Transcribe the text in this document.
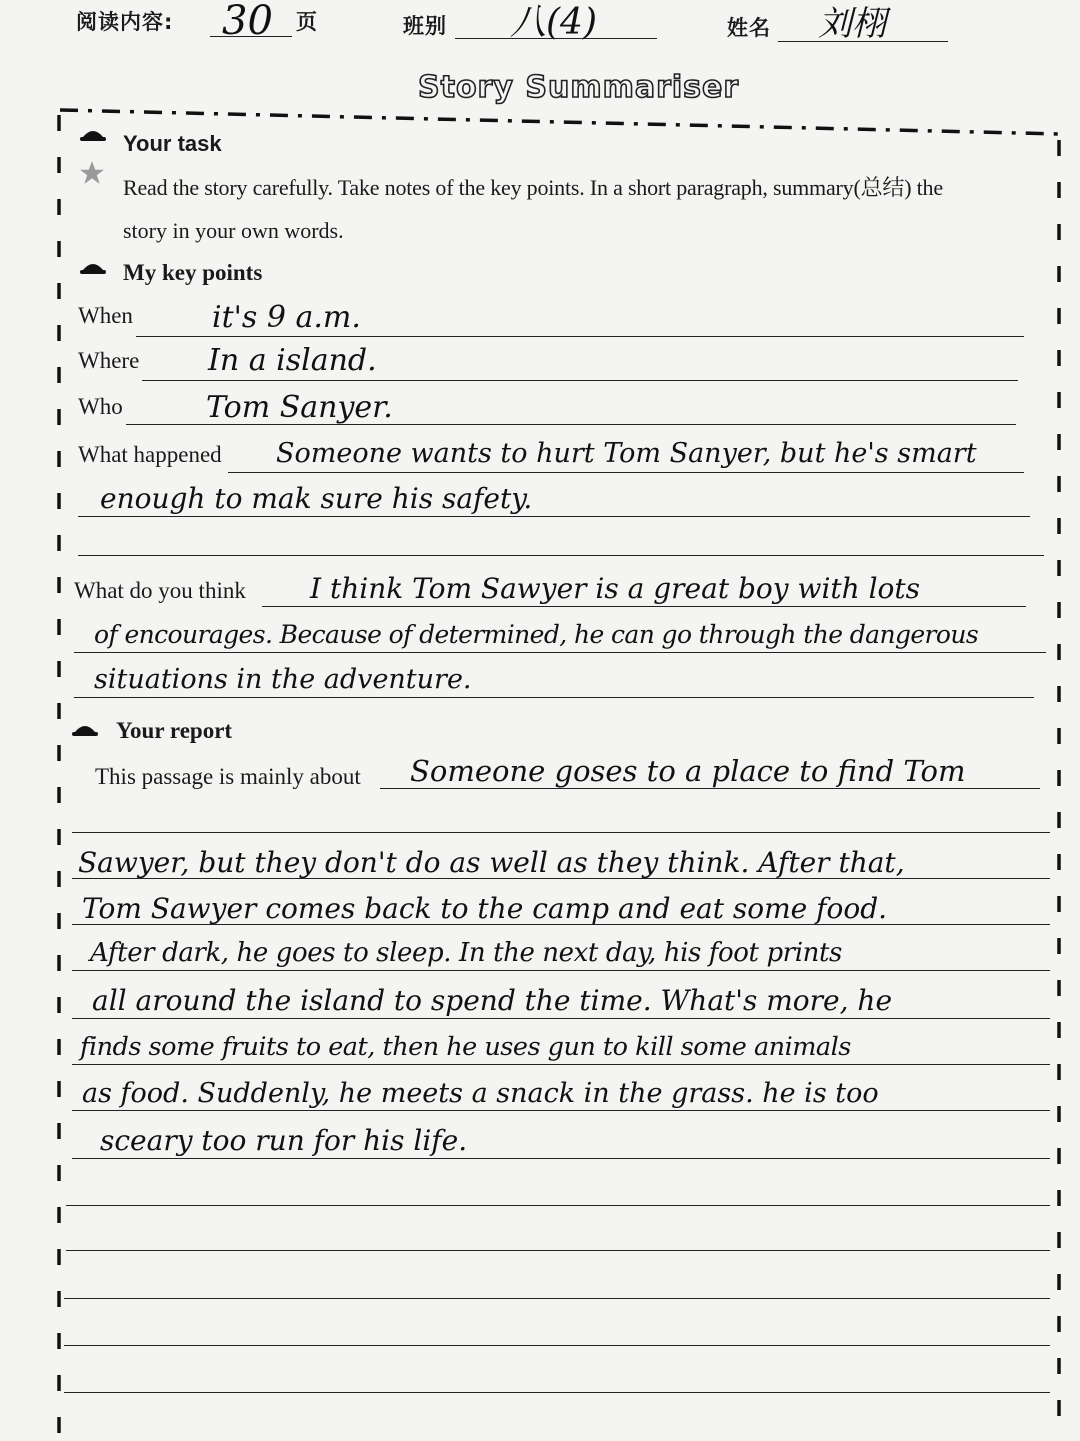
阅读内容: 30 页	班别 八(4)	姓名 刘栩
Story Summariser
Your task
Read the story carefully. Take notes of the key points. In a short paragraph, summary(总结) the
story in your own words.
My key points
When	it's 9 a.m.
Where In a island.
Who	Tom Sanyer.
What happened Someone wants to hurt Tom Sanyer, but he's smart
enough to mak sure his safety.
What do you think I think Tom Sawyer is a great boy with lots
of encourages. Because of determined, he can go through the dangerous
situations in the adventure.
Your report
This passage is mainly about Someone goses to a place to find Tom
Sawyer, but they don't do as well as they think. After that,
Tom Sawyer comes back to the camp and eat some food.
After dark, he goes to sleep. In the next day, his foot prints
all around the island to spend the time. What's more, he
finds some fruits to eat, then he uses gun to kill some animals
as food. Suddenly, he meets a snack in the grass. he is too
sceary too run for his life.
